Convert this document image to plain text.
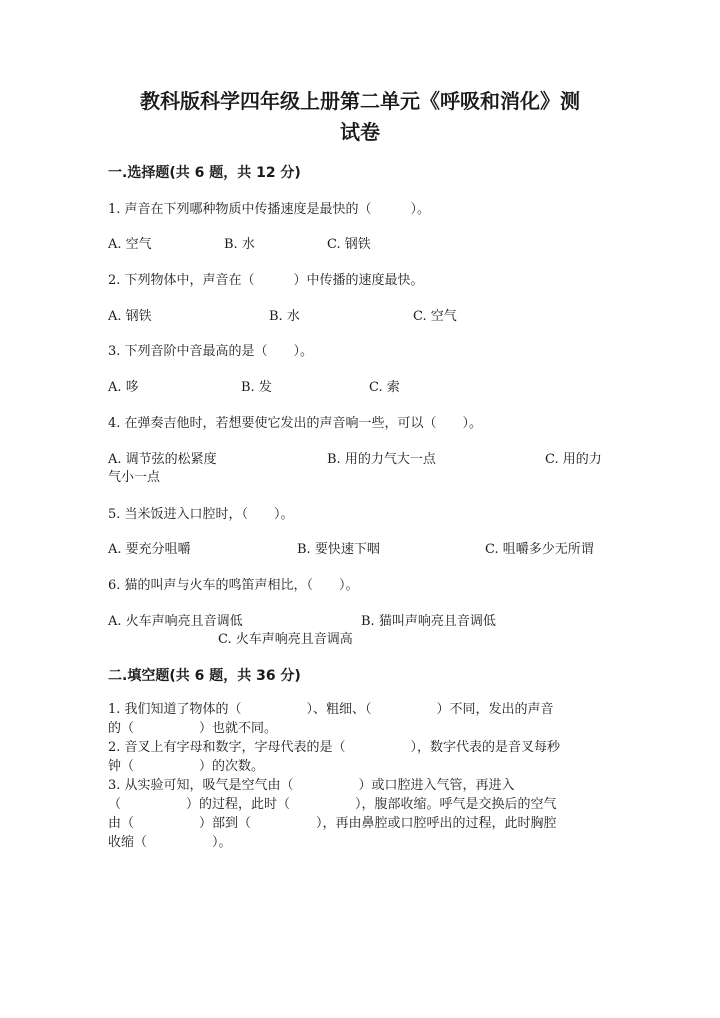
教科版科学四年级上册第二单元《呼吸和消化》测
试卷
一.选择题(共 6 题，共 12 分)
1. 声音在下列哪种物质中传播速度是最快的（　　　）。
A. 空气	B. 水	C. 钢铁
2. 下列物体中，声音在（　　　）中传播的速度最快。
A. 钢铁	B. 水	C. 空气
3. 下列音阶中音最高的是（　　）。
A. 哆	B. 发	C. 索
4. 在弹奏吉他时，若想要使它发出的声音响一些，可以（　　）。
A. 调节弦的松紧度	B. 用的力气大一点	C. 用的力
气小一点
5. 当米饭进入口腔时，（　　）。
A. 要充分咀嚼	B. 要快速下咽	C. 咀嚼多少无所谓
6. 猫的叫声与火车的鸣笛声相比，（　　）。
A. 火车声响亮且音调低	B. 猫叫声响亮且音调低
C. 火车声响亮且音调高
二.填空题(共 6 题，共 36 分)
1. 我们知道了物体的（　　　　　）、粗细、（　　　　　）不同，发出的声音
的（　　　　　）也就不同。
2. 音叉上有字母和数字，字母代表的是（　　　　　），数字代表的是音叉每秒
钟（　　　　　）的次数。
3. 从实验可知，吸气是空气由（　　　　　）或口腔进入气管，再进入
（　　　　　）的过程，此时（　　　　　），腹部收缩。呼气是交换后的空气
由（　　　　　）部到（　　　　　），再由鼻腔或口腔呼出的过程，此时胸腔
收缩（　　　　　）。
